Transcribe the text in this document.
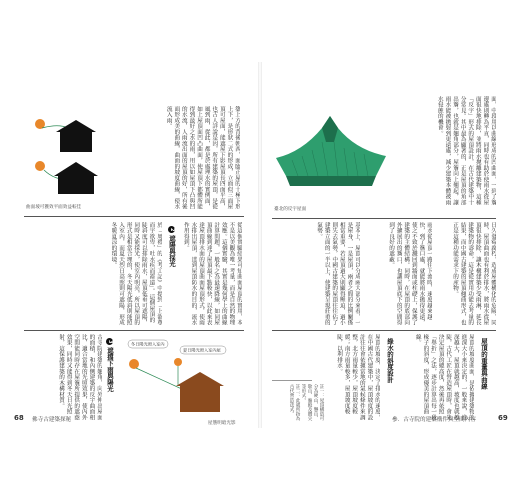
曲面坡可獲效平面效益較佳	築上方的背後朝西，面臨正屋的十極下形上下，是形狀二式的形成，立面似三面屋頂可屋面，能遮屋下影屋頂長四面平高，也古人詳說是因，所有建築的屋頂，是從風到雨，從此，都是於處理水的實例面，如上屋頂面凹凸曲面，使屋頂下都體所能得到最好之水的雨，用以如屋頂下凸與凹的水流，人雨流出面的屋頂的好，所有後面形成美的曲線，曲面的坡度曲線，使水流入雨。
從這個實驗結果可知曲面屋頂的實用，本不是以美觀為唯一考量，而是自然的物理效應。這個實驗，其實是幾何學上的曲線計算問題，一般名之為最速降線，如同屋頂曲線到達了屋頂最下點較快，以此來表達屋頂排水面的屋頂曲面屋頂形式，使雨水排出屋頂，達到屋頂防水的目的，流水作用得到。
2遮陽與採光
於「周禮」的《考工記》中提到「上欲尊而宇欲卑，吐水疾而霤遠」。這個屋頂的陡斜度可以排除雨水，屋頂低垂可遮陽，同時又能採光，使室內明亮，所以屋頂的形式是相當合理的，冬天陽光低斜則能照入室內，而夏天烈日高照則可遮陽，形成冬暖夏涼的環境。
冬日陽光照入室內
夏日陽光照入室內屋
屋簷明暗光影
3遮擋下雨與陽光
古寺院建築的翹角，向外伸出屋面的面積，和內侧建築的反宇曲面相比，適合當地的光照效果，使內外空間能同時存在屋簷所提供的遮蔭效果，同時又能得到冬天日光照射，這保護建築的木構材質。
臺北的反宇屋面
面，中段用以曲線形成的凹曲面，一到了簷邊處則轉為平直，同時也有助於使雨水從屋面很快地排除，並將雨水拋離建築物，這種「反宇」形式的屋頂設計，在古代建築中十分常見。其中最為顯著的，正是屋頂的角部出簷，也就是翹角部分，屋簷向上翹起，讓雨水能被拋射到更遠處，減少建築本體被雨水侵蝕的機會。
日久發霉腐朽，造成屋體構化的危險，同時，屋頂曲面也有利於排水，將雨水從屋頂很快排除，讓木構建築少受雨淋，延長建築物的壽命，這是從實用功能去考量的結果，而中國古建築的屋頂翹曲形式，也正是這種功能需求下的產物。
雨水從屋頂一路往下流時，速度越來越快，到了簷口處，就能將雨水拋得更遠，使之不致於濺回到牆面或柱礎上，保護了建築的主體結構。同時，在屋頂的底部向外擴展出的簷口，也讓屋頂底下的空間得到了良好的遮蔽。
基本上，屋頂可以分成兩大部分來看，一是屋身，一是屋頂，兩者之間的比例關係相當重要，若屋頂過大則顯得壓迫，過小則失去氣勢，中國古建築的屋頂往往佔了建築立面的一半以上，使建築呈現莊重的氣勢。
屋頂的重量與曲線
屋頂的坡度曲面，是依據建築物的進深大小來決定的，一般來說，進深越大，屋頂就越高，坡度也就越陡。古代工匠在營造屋頂時，會先決定屋頂的總高度，然後再依照「舉折」之法，逐步計算出每一段椽子的斜度，形成優美的屋頂曲線。
綠水的斜度設計
屋頂的坡度，決定了排水的速度，在中國古代建築中，屋頂坡度的設計往往會依據當地的氣候條件來調整，北方雨量較少，屋頂坡度較緩；南方雨量較多，屋頂坡度較陡，以利排水。
註一：屋頂構造可分為硬山、懸山、歇山、廡殿及攢尖等形式。
註二：此處所指為古代營造法式。
68 佛寺古建築探秘	參．古寺院的建築構件與空間內容	69
